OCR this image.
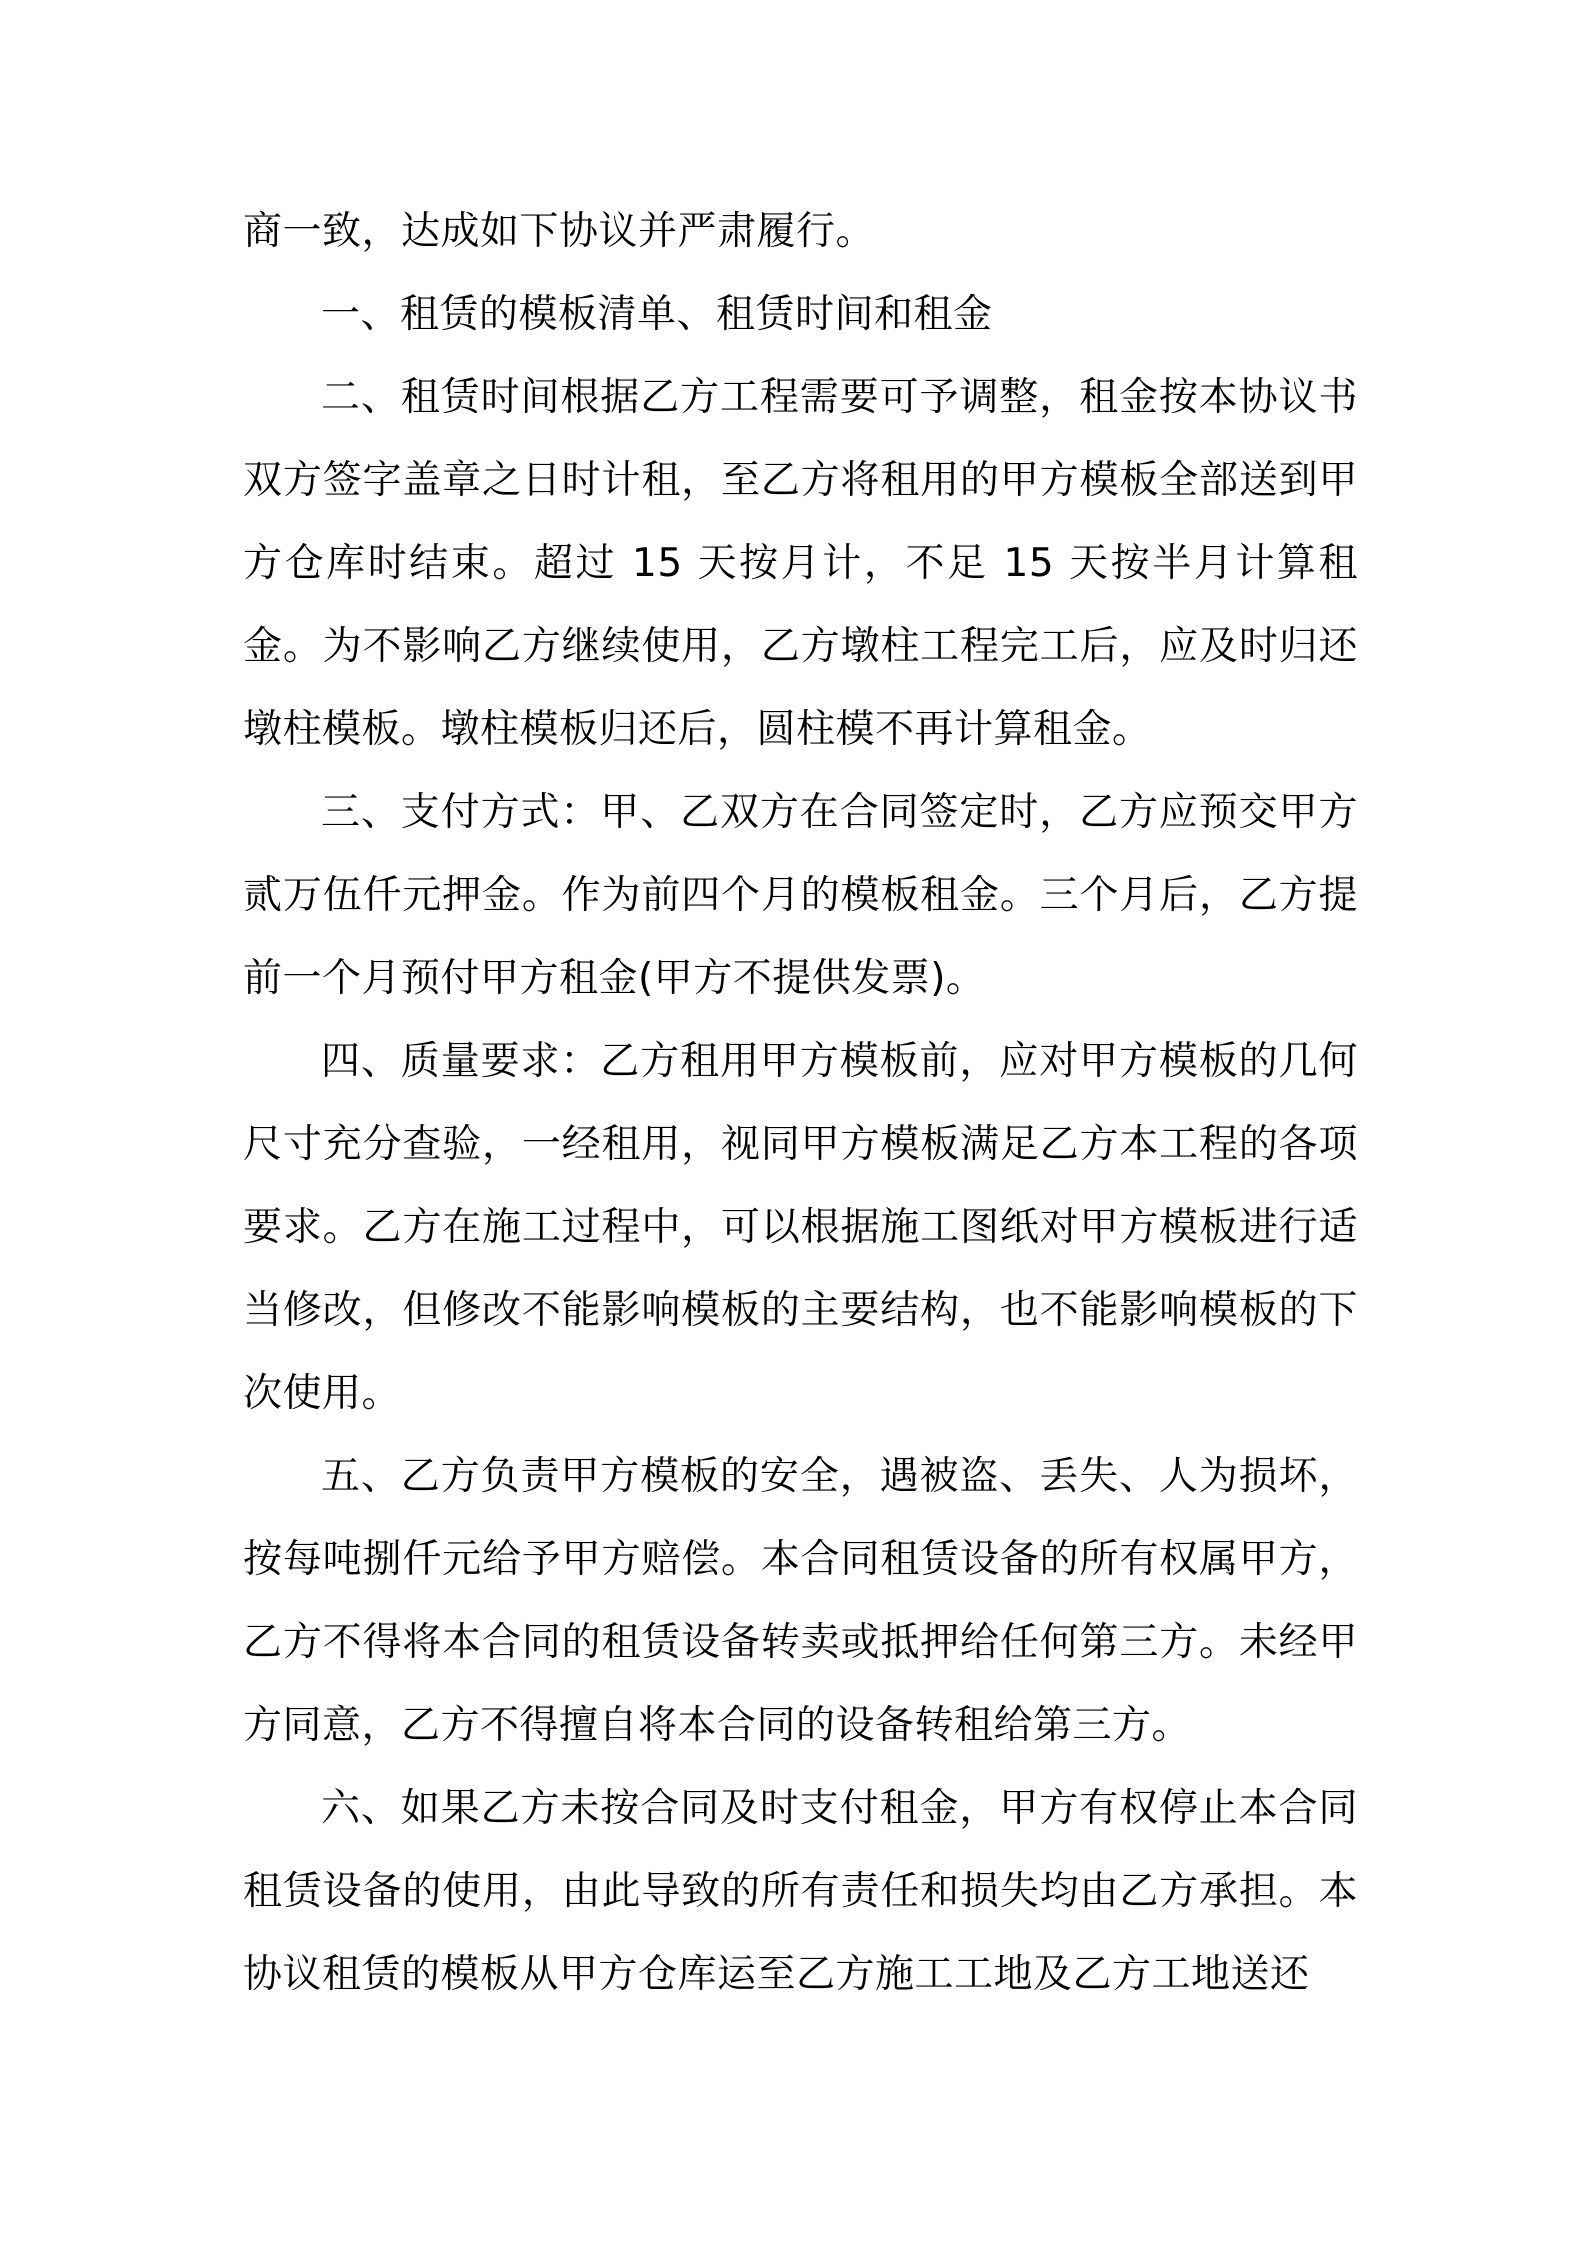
商一致，达成如下协议并严肃履行。

一、租赁的模板清单、租赁时间和租金

二、租赁时间根据乙方工程需要可予调整，租金按本协议书双方签字盖章之日时计租，至乙方将租用的甲方模板全部送到甲方仓库时结束。超过 15 天按月计，不足 15 天按半月计算租金。为不影响乙方继续使用，乙方墩柱工程完工后，应及时归还墩柱模板。墩柱模板归还后，圆柱模不再计算租金。

三、支付方式：甲、乙双方在合同签定时，乙方应预交甲方贰万伍仟元押金。作为前四个月的模板租金。三个月后，乙方提前一个月预付甲方租金(甲方不提供发票)。

四、质量要求：乙方租用甲方模板前，应对甲方模板的几何尺寸充分查验，一经租用，视同甲方模板满足乙方本工程的各项要求。乙方在施工过程中，可以根据施工图纸对甲方模板进行适当修改，但修改不能影响模板的主要结构，也不能影响模板的下次使用。

五、乙方负责甲方模板的安全，遇被盗、丢失、人为损坏，按每吨捌仟元给予甲方赔偿。本合同租赁设备的所有权属甲方，乙方不得将本合同的租赁设备转卖或抵押给任何第三方。未经甲方同意，乙方不得擅自将本合同的设备转租给第三方。

六、如果乙方未按合同及时支付租金，甲方有权停止本合同租赁设备的使用，由此导致的所有责任和损失均由乙方承担。本协议租赁的模板从甲方仓库运至乙方施工工地及乙方工地送还
